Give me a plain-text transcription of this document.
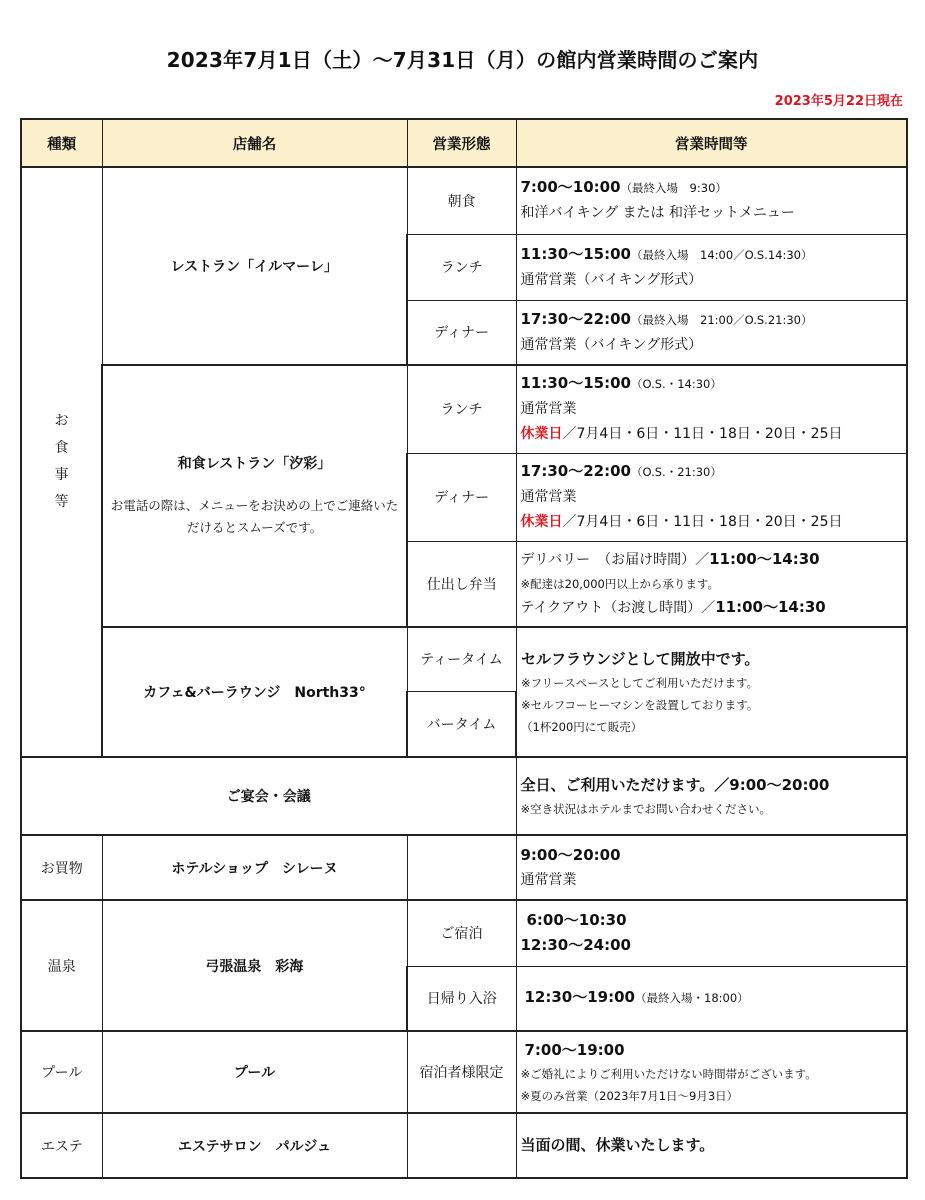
2023年7月1日（土）～7月31日（月）の館内営業時間のご案内
2023年5月22日現在
種類	店舗名	営業形態	営業時間等

お
食
事
等	レストラン「イルマーレ」	朝食	7:00～10:00（最終入場　9:30）
和洋バイキング または 和洋セットメニュー

		ランチ	11:30～15:00（最終入場　14:00／O.S.14:30）
通常営業（バイキング形式）

		ディナー	17:30～22:00（最終入場　21:00／O.S.21:30）
通常営業（バイキング形式）

	和食レストラン「汐彩」
お電話の際は、メニューをお決めの上でご連絡いただけるとスムーズです。	ランチ	11:30～15:00（O.S.・14:30）
通常営業
休業日／7月4日・6日・11日・18日・20日・25日

		ディナー	17:30～22:00（O.S.・21:30）
通常営業
休業日／7月4日・6日・11日・18日・20日・25日

		仕出し弁当	デリバリー　（お届け時間）／11:00～14:30
※配達は20,000円以上から承ります。
テイクアウト（お渡し時間）／11:00～14:30

	カフェ&バーラウンジ　North33°	ティータイム	セルフラウンジとして開放中です。
※フリースペースとしてご利用いただけます。
※セルフコーヒーマシンを設置しております。
（1杯200円にて販売）

		バータイム	

ご宴会・会議			全日、ご利用いただけます。／9:00～20:00
※空き状況はホテルまでお問い合わせください。

お買物	ホテルショップ　シレーヌ		9:00～20:00
通常営業

温泉	弓張温泉　彩海	ご宿泊	6:00～10:30
12:30～24:00

		日帰り入浴	12:30～19:00（最終入場・18:00）

プール	プール	宿泊者様限定	7:00～19:00
※ご婚礼によりご利用いただけない時間帯がございます。
※夏のみ営業（2023年7月1日～9月3日）

エステ	エステサロン　パルジュ		当面の間、休業いたします。
